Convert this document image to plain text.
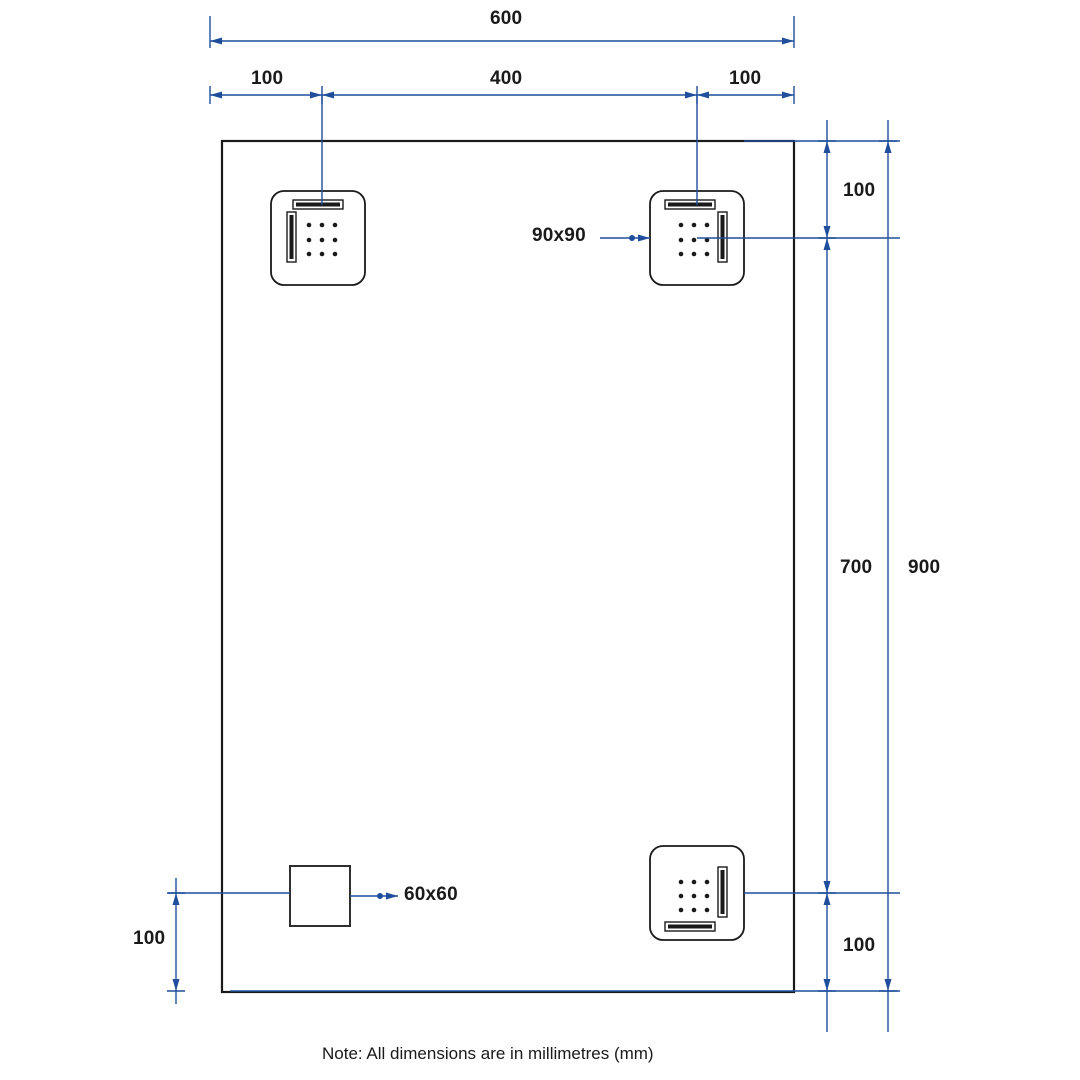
600
100	400	100
100
700 900
100
100
90x90
60x60
Note: All dimensions are in millimetres (mm)
